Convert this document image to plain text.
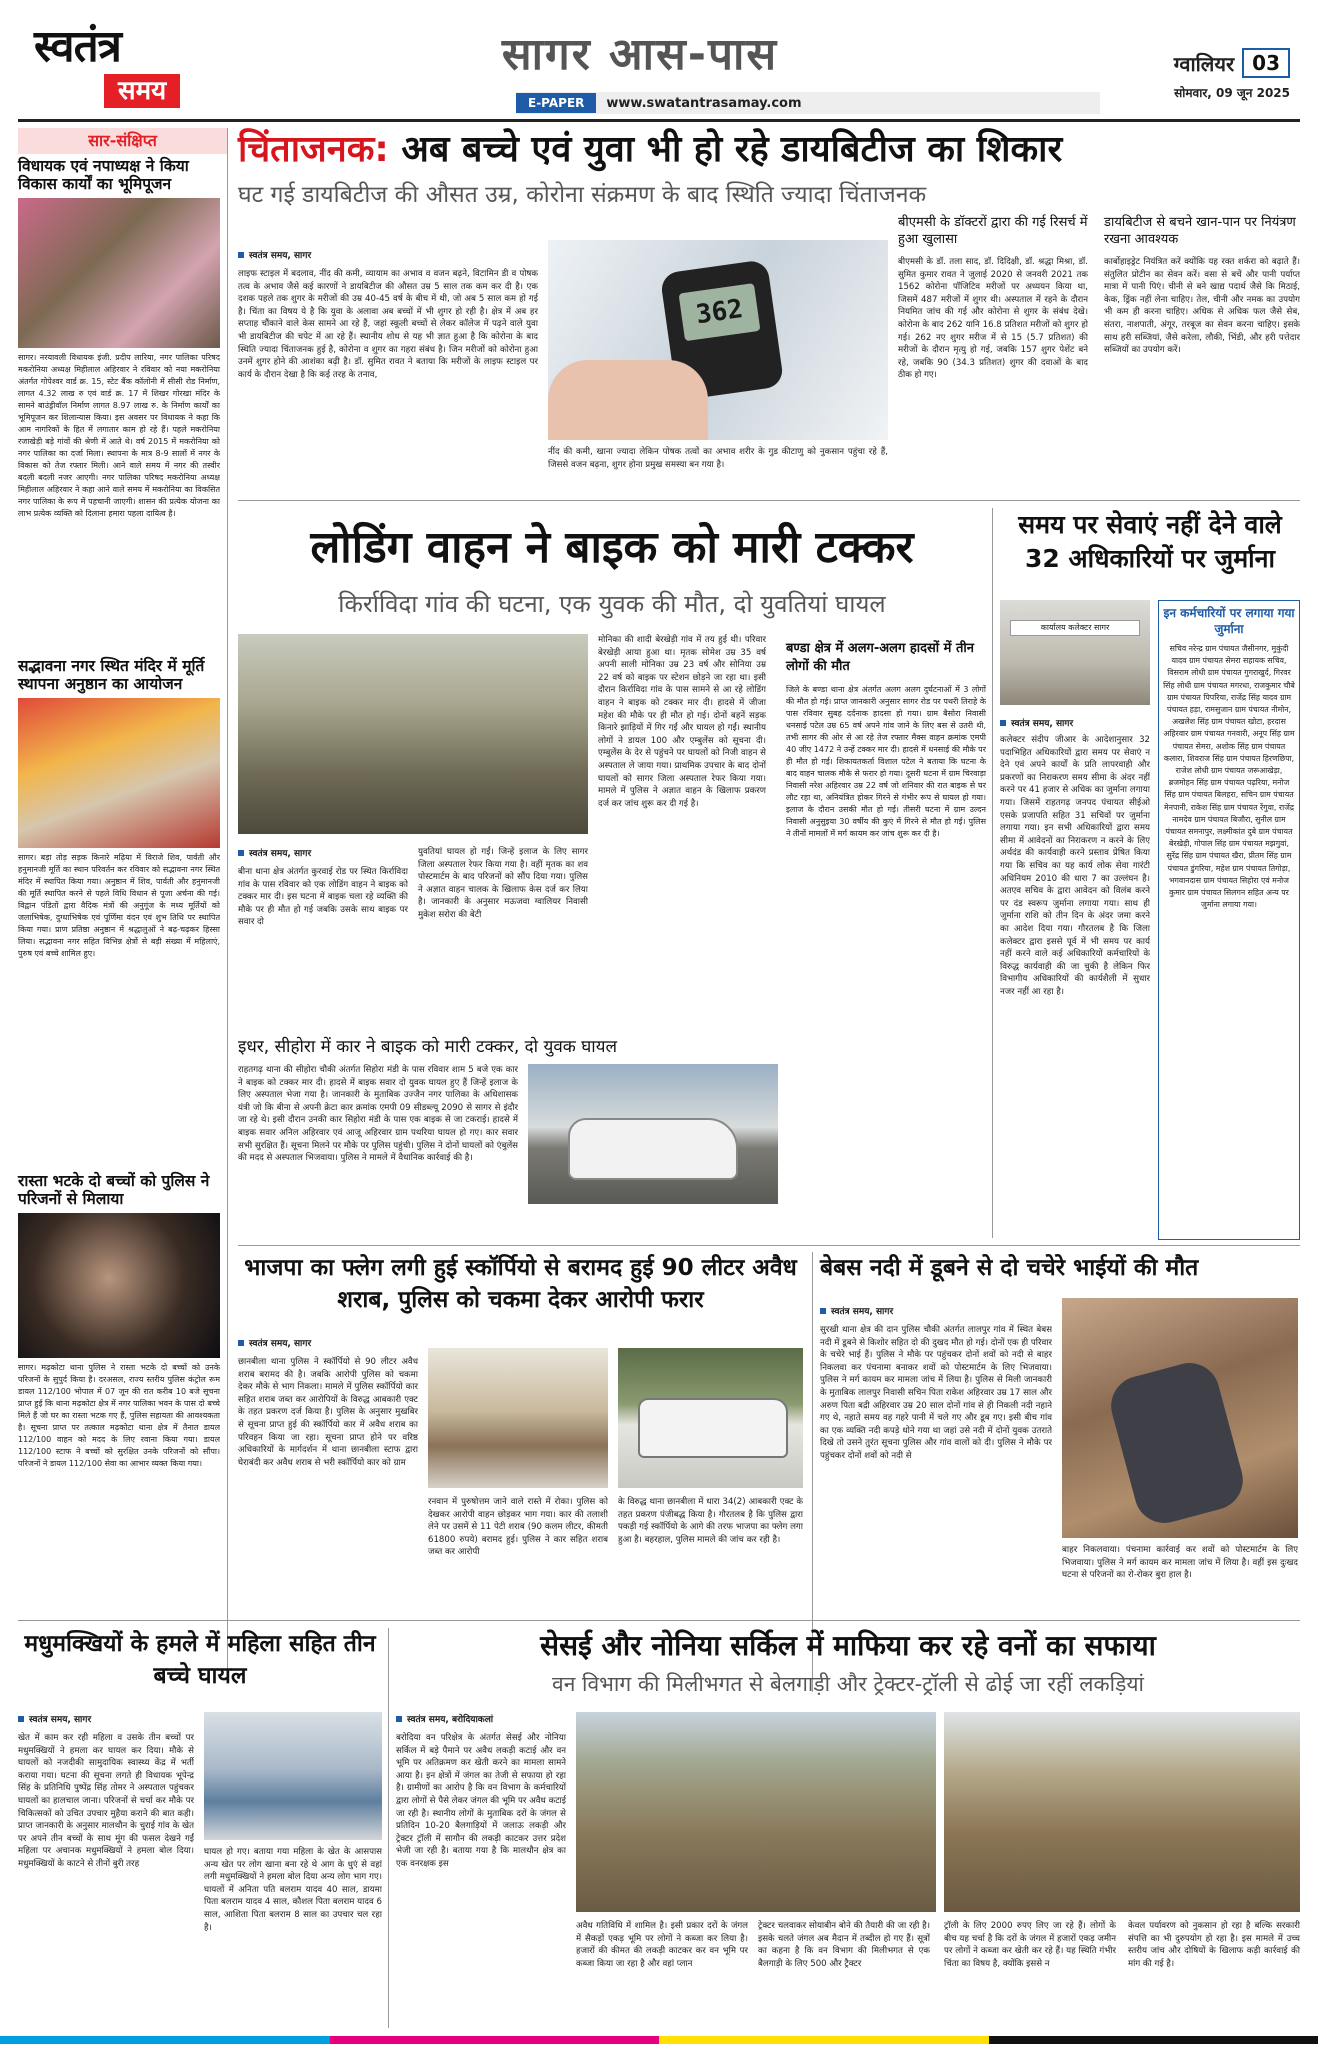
स्वतंत्र
समय
सागर आस-पास
E-PAPER	www.swatantrasamay.com
ग्वालियर 03
सोमवार, 09 जून 2025
सार-संक्षिप्त
विधायक एवं नपाध्यक्ष ने किया विकास कार्यों का भूमिपूजन
सागर। नरयावली विधायक इंजी. प्रदीप लारिया, नगर पालिका परिषद मकरोनिया अध्यक्ष मिहीलाल अहिरवार ने रविवार को नया मकरोनिया अंतर्गत गोपेश्वर वार्ड क्र. 15, स्टेट बैंक कॉलोनी में सीसी रोड निर्माण, लागत 4.32 लाख रु एवं वार्ड क्र. 17 में शिखर गोरखा मंदिर के सामने बाउंड्रीवॉल निर्माण लागत 8.97 लाख रु. के निर्माण कार्यों का भूमिपूजन कर शिलान्यास किया। इस अवसर पर विधायक ने कहा कि आम नागरिकों के हित में लगातार काम हो रहे हैं। पहले मकरोनिया रजाखेड़ी बड़े गांवों की श्रेणी में आते थे। वर्ष 2015 में मकरोनिया को नगर पालिका का दर्जा मिला। स्थापना के मात्र 8-9 सालों में नगर के विकास को तेज रफ्तार मिली। आने वाले समय में नगर की तस्वीर बदली बदली नजर आएगी। नगर पालिका परिषद मकरोनिया अध्यक्ष मिहीलाल अहिरवार ने कहा आने वाले समय में मकरोनिया का विकसित नगर पालिका के रूप में पहचानी जाएगी। शासन की प्रत्येक योजना का लाभ प्रत्येक व्यक्ति को दिलाना हमारा पहला दायित्व है।
सद्भावना नगर स्थित मंदिर में मूर्ति स्थापना अनुष्ठान का आयोजन
सागर। बड़ा तोड़ सड़क किनारे मढ़िया में विराजे शिव, पार्वती और हनुमानजी मूर्ति का स्थान परिवर्तन कर रविवार को सद्भावना नगर स्थित मंदिर में स्थापित किया गया। अनुष्ठान में शिव, पार्वती और हनुमानजी की मूर्ति स्थापित करने से पहले विधि विधान से पूजा अर्चना की गई। विद्वान पंडितों द्वारा वैदिक मंत्रों की अनुगूंज के मध्य मूर्तियों को जलाभिषेक, दुग्धाभिषेक एवं पूर्णिमा वंदन एवं शुभ तिथि पर स्थापित किया गया। प्राण प्रतिष्ठा अनुष्ठान में श्रद्धालुओं ने बढ़-चढ़कर हिस्सा लिया। सद्भावना नगर सहित विभिन्न क्षेत्रों से बड़ी संख्या में महिलाएं, पुरुष एवं बच्चे शामिल हुए।
रास्ता भटके दो बच्चों को पुलिस ने परिजनों से मिलाया
सागर। मढ़कोटा थाना पुलिस ने रास्ता भटके दो बच्चों को उनके परिजनों के सुपुर्द किया है। दरअसल, राज्य स्तरीय पुलिस कंट्रोल रूम डायल 112/100 भोपाल में 07 जून की रात करीब 10 बजे सूचना प्राप्त हुई कि थाना मढ़कोटा क्षेत्र में नगर पालिका भवन के पास दो बच्चे मिले हैं जो घर का रास्ता भटक गए हैं, पुलिस सहायता की आवश्यकता है। सूचना प्राप्त पर तत्काल मढ़कोटा थाना क्षेत्र में तैनात डायल 112/100 वाहन को मदद के लिए रवाना किया गया। डायल 112/100 स्टाफ ने बच्चों को सुरक्षित उनके परिजनों को सौंपा। परिजनों ने डायल 112/100 सेवा का आभार व्यक्त किया गया।
चिंताजनक: अब बच्चे एवं युवा भी हो रहे डायबिटीज का शिकार
घट गई डायबिटीज की औसत उम्र, कोरोना संक्रमण के बाद स्थिति ज्यादा चिंताजनक
स्वतंत्र समय, सागर
लाइफ स्टाइल में बदलाव, नींद की कमी, व्यायाम का अभाव व वजन बढ़ने, विटामिन डी व पोषक तत्व के अभाव जैसे कई कारणों ने डायबिटीज की औसत उम्र 5 साल तक कम कर दी है। एक दशक पहले तक शुगर के मरीजों की उम्र 40-45 वर्ष के बीच में थी, जो अब 5 साल कम हो गई है। चिंता का विषय ये है कि युवा के अलावा अब बच्चों में भी शुगर हो रही है। क्षेत्र में अब हर सप्ताह चौंकाने वाले केस सामने आ रहे हैं, जहां स्कूली बच्चों से लेकर कॉलेज में पढ़ने वाले युवा भी डायबिटीज की चपेट में आ रहे हैं। स्थानीय शोध से यह भी ज्ञात हुआ है कि कोरोना के बाद स्थिति ज्यादा चिंताजनक हुई है, कोरोना व शुगर का गहरा संबंध है। जिन मरीजों को कोरोना हुआ उनमें शुगर होने की आशंका बढ़ी है। डॉ. सुमित रावत ने बताया कि मरीजों के लाइफ स्टाइल पर कार्य के दौरान देखा है कि कई तरह के तनाव,
362
नींद की कमी, खाना ज्यादा लेकिन पोषक तत्वों का अभाव शरीर के गुड कीटाणु को नुकसान पहुंचा रहे हैं, जिससे वजन बढ़ना, शुगर होना प्रमुख समस्या बन गया है।
बीएमसी के डॉक्टरों द्वारा की गई रिसर्च में हुआ खुलासा
बीएमसी के डॉ. तला साद, डॉ. दिदिक्षी, डॉ. श्रद्धा मिश्रा, डॉ. सुमित कुमार रावत ने जुलाई 2020 से जनवरी 2021 तक 1562 कोरोना पॉजिटिव मरीजों पर अध्ययन किया था, जिसमें 487 मरीजों में शुगर थी। अस्पताल में रहने के दौरान नियमित जांच की गई और कोरोना से शुगर के संबंध देखे। कोरोना के बाद 262 यानि 16.8 प्रतिशत मरीजों को शुगर हो गई। 262 नए शुगर मरीज में से 15 (5.7 प्रतिशत) की मरीजों के दौरान मृत्यु हो गई, जबकि 157 शुगर पेशेंट बने रहे, जबकि 90 (34.3 प्रतिशत) शुगर की दवाओं के बाद ठीक हो गए।
डायबिटीज से बचने खान-पान पर नियंत्रण रखना आवश्यक
कार्बोहाइड्रेट नियंत्रित करें क्योंकि यह रक्त शर्करा को बढ़ाते हैं। संतुलित प्रोटीन का सेवन करें। वसा से बचें और पानी पर्याप्त मात्रा में पानी पिएं। चीनी से बने खाद्य पदार्थ जैसे कि मिठाई, केक, ड्रिंक नहीं लेना चाहिए। तेल, चीनी और नमक का उपयोग भी कम ही करना चाहिए। अधिक से अधिक फल जैसे सेब, संतरा, नाशपाती, अंगूर, तरबूज का सेवन करना चाहिए। इसके साथ हरी सब्जियां, जैसे करेला, लौकी, भिंडी, और हरी पत्तेदार सब्जियों का उपयोग करें।
लोडिंग वाहन ने बाइक को मारी टक्कर
किर्राविदा गांव की घटना, एक युवक की मौत, दो युवतियां घायल
मोनिका की शादी बेरखेड़ी गांव में तय हुई थी। परिवार बेरखेड़ी आया हुआ था। मृतक सोमेश उम्र 35 वर्ष अपनी साली मोनिका उम्र 23 वर्ष और सोनिया उम्र 22 वर्ष को बाइक पर स्टेशन छोड़ने जा रहा था। इसी दौरान किर्राविदा गांव के पास सामने से आ रहे लोडिंग वाहन ने बाइक को टक्कर मार दी। हादसे में जीजा महेश की मौके पर ही मौत हो गई। दोनों बहनें सड़क किनारे झाड़ियों में गिर गईं और घायल हो गईं। स्थानीय लोगों ने डायल 100 और एम्बुलेंस को सूचना दी। एम्बुलेंस के देर से पहुंचने पर घायलों को निजी वाहन से अस्पताल ले जाया गया। प्राथमिक उपचार के बाद दोनों घायलों को सागर जिला अस्पताल रेफर किया गया। मामले में पुलिस ने अज्ञात वाहन के खिलाफ प्रकरण दर्ज कर जांच शुरू कर दी गई है।
स्वतंत्र समय, सागर
बीना थाना क्षेत्र अंतर्गत कुरवाई रोड पर स्थित किर्राविदा गांव के पास रविवार को एक लोडिंग वाहन ने बाइक को टक्कर मार दी। इस घटना में बाइक चला रहे व्यक्ति की मौके पर ही मौत हो गई जबकि उसके साथ बाइक पर सवार दो
युवतियां घायल हो गईं। जिन्हें इलाज के लिए सागर जिला अस्पताल रेफर किया गया है। वहीं मृतक का शव पोस्टमार्टम के बाद परिजनों को सौंप दिया गया। पुलिस ने अज्ञात वाहन चालक के खिलाफ केस दर्ज कर लिया है। जानकारी के अनुसार मऊजवा ग्वालियर निवासी मुकेश सरोरा की बेटी
इधर, सीहोरा में कार ने बाइक को मारी टक्कर, दो युवक घायल
राहतगढ़ थाना की सीहोरा चौकी अंतर्गत सिहोरा मंडी के पास रविवार शाम 5 बजे एक कार ने बाइक को टक्कर मार दी। हादसे में बाइक सवार दो युवक घायल हुए हैं जिन्हें इलाज के लिए अस्पताल भेजा गया है। जानकारी के मुताबिक उज्जैन नगर पालिका के अधिशासक यंत्री जो कि बीना से अपनी क्रेटा कार क्रमांक एमपी 09 सीडब्ल्यू 2090 से सागर से इंदौर जा रहे थे। इसी दौरान उनकी कार सिहोरा मंडी के पास एक बाइक से जा टकराई। हादसे में बाइक सवार अनिल अहिरवार एवं आजू अहिरवार ग्राम पथरिया घायल हो गए। कार सवार सभी सुरक्षित हैं। सूचना मिलने पर मौके पर पुलिस पहुंची। पुलिस ने दोनों घायलों को एंबुलेंस की मदद से अस्पताल भिजवाया। पुलिस ने मामले में वैधानिक कार्रवाई की है।
बण्डा क्षेत्र में अलग-अलग हादसों में तीन लोगों की मौत
जिले के बण्डा थाना क्षेत्र अंतर्गत अलग अलग दुर्घटनाओं में 3 लोगों की मौत हो गई। प्राप्त जानकारी अनुसार सागर रोड पर पथरी तिराहे के पास रविवार सुबह दर्दनाक हादसा हो गया। ग्राम बैसोरा निवासी धनसाई पटेल उम्र 65 वर्ष अपने गांव जाने के लिए बस से उतरी थी, तभी सागर की ओर से आ रहे तेज रफ्तार मैक्स वाहन क्रमांक एमपी 40 जीए 1472 ने उन्हें टक्कर मार दी। हादसे में धनसाई की मौके पर ही मौत हो गई। शिकायतकर्ता विशाल पटेल ने बताया कि घटना के बाद वाहन चालक मौके से फरार हो गया। दूसरी घटना में ग्राम चिरवाड़ा निवासी नरेश अहिरवार उम्र 22 वर्ष जो शनिवार की रात बाइक से घर लौट रहा था, अनियंत्रित होकर गिरने से गंभीर रूप से घायल हो गया। इलाज के दौरान उसकी मौत हो गई। तीसरी घटना में ग्राम उल्दन निवासी अनुसुइया 30 वर्षीय की कुएं में गिरने से मौत हो गई। पुलिस ने तीनों मामलों में मर्ग कायम कर जांच शुरू कर दी है।
समय पर सेवाएं नहीं देने वाले 32 अधिकारियों पर जुर्माना
कार्यालय कलेक्टर सागर
इन कर्मचारियों पर लगाया गया जुर्माना
सचिव नरेन्द्र ग्राम पंचायत जैसीनगर, मुकुंदी यादव ग्राम पंचायत सेमरा सहायक सचिव, विसराम लोधी ग्राम पंचायत गुगराखुर्द, गिरवर सिंह लोधी ग्राम पंचायत मगरधा, राजकुमार चौबे ग्राम पंचायत पिपरिया, राजेंद्र सिंह यादव ग्राम पंचायत हड़ा, रामसुजान ग्राम पंचायत नीमोन, अखलेश सिंह ग्राम पंचायत खोटा, हरदास अहिरवार ग्राम पंचायत गनवारी, अनूप सिंह ग्राम पंचायत सेमरा, अशोक सिंह ग्राम पंचायत कलारा, शिवराज सिंह ग्राम पंचायत हिरणछिपा, राजेश लोधी ग्राम पंचायत जरूआखेड़ा, ब्रजमोहन सिंह ग्राम पंचायत पढ़रिया, मनोज सिंह ग्राम पंचायत बिलहरा, सचिन ग्राम पंचायत मेनपानी, राकेश सिंह ग्राम पंचायत रेंगुवा, राजेंद्र नामदेव ग्राम पंचायत बिजौरा, सुनील ग्राम पंचायत समनापुर, लक्ष्मीकांत दुबे ग्राम पंचायत बेरखेड़ी, गोपाल सिंह ग्राम पंचायत मझगुवां, सुरेंद्र सिंह ग्राम पंचायत खैरा, प्रीतम सिंह ग्राम पंचायत डुंगरिया, महेश ग्राम पंचायत तिगोड़ा, भगवानदास ग्राम पंचायत सिहोरा एवं मनोज कुमार ग्राम पंचायत सिलगन सहित अन्य पर जुर्माना लगाया गया।
स्वतंत्र समय, सागर
कलेक्टर संदीप जीआर के आदेशानुसार 32 पदाभिहित अधिकारियों द्वारा समय पर सेवाएं न देने एवं अपने कार्यों के प्रति लापरवाही और प्रकरणों का निराकरण समय सीमा के अंदर नहीं करने पर 41 हजार से अधिक का जुर्माना लगाया गया। जिसमें राहतगढ़ जनपद पंचायत सीईओ एसके प्रजापति सहित 31 सचिवों पर जुर्माना लगाया गया। इन सभी अधिकारियों द्वारा समय सीमा में आवेदनों का निराकरण न करने के लिए अर्थदंड की कार्यवाही करने प्रस्ताव प्रेषित किया गया कि सचिव का यह कार्य लोक सेवा गारंटी अधिनियम 2010 की धारा 7 का उल्लंघन है। अतएव सचिव के द्वारा आवेदन को विलंब करने पर दंड स्वरूप जुर्माना लगाया गया। साथ ही जुर्माना राशि को तीन दिन के अंदर जमा करने का आदेश दिया गया। गौरतलब है कि जिला कलेक्टर द्वारा इससे पूर्व में भी समय पर कार्य नहीं करने वाले कई अधिकारियों कर्मचारियों के विरुद्ध कार्यवाही की जा चुकी है लेकिन फिर विभागीय अधिकारियों की कार्यशैली में सुधार नजर नहीं आ रहा है।
भाजपा का फ्लेग लगी हुई स्कॉर्पियो से बरामद हुई 90 लीटर अवैध शराब, पुलिस को चकमा देकर आरोपी फरार
स्वतंत्र समय, सागर
छानबीला थाना पुलिस ने स्कॉर्पियो से 90 लीटर अवैध शराब बरामद की है। जबकि आरोपी पुलिस को चकमा देकर मौके से भाग निकला। मामले में पुलिस स्कॉर्पियो कार सहित शराब जब्त कर आरोपियों के विरुद्ध आबकारी एक्ट के तहत प्रकरण दर्ज किया है। पुलिस के अनुसार मुखबिर से सूचना प्राप्त हुई की स्कॉर्पियो कार में अवैध शराब का परिवहन किया जा रहा। सूचना प्राप्त होने पर वरिष्ठ अधिकारियों के मार्गदर्शन में थाना छानबीला स्टाफ द्वारा घेराबंदी कर अवैध शराब से भरी स्कॉर्पियो कार को ग्राम
रनवान में पुरुषोत्तम जाने वाले रास्ते में रोका। पुलिस को देखकर आरोपी वाहन छोड़कर भाग गया। कार की तलाशी लेने पर उसमें से 11 पेटी शराब (90 कलम लीटर, कीमती 61800 रुपये) बरामद हुई। पुलिस ने कार सहित शराब जब्त कर आरोपी
के विरुद्ध थाना छानबीला में धारा 34(2) आबकारी एक्ट के तहत प्रकरण पंजीबद्ध किया है। गौरतलब है कि पुलिस द्वारा पकड़ी गई स्कॉर्पियो के आगे की तरफ भाजपा का फ्लेग लगा हुआ है। बहरहाल, पुलिस मामले की जांच कर रही है।
बेबस नदी में डूबने से दो चचेरे भाईयों की मौत
स्वतंत्र समय, सागर
सुरखी थाना क्षेत्र की दान पुलिस चौकी अंतर्गत लालपुर गांव में स्थित बेबस नदी में डूबने से किशोर सहित दो की दुखद मौत हो गई। दोनों एक ही परिवार के चचेरे भाई हैं। पुलिस ने मौके पर पहुंचकर दोनों शवों को नदी से बाहर निकलवा कर पंचनामा बनाकर शवों को पोस्टमार्टम के लिए भिजवाया। पुलिस ने मर्ग कायम कर मामला जांच में लिया है। पुलिस से मिली जानकारी के मुताबिक लालपुर निवासी सचिन पिता राकेश अहिरवार उम्र 17 साल और अरुण पिता बद्री अहिरवार उम्र 20 साल दोनों गांव से ही निकली नदी नहाने गए थे, नहाते समय वह गहरे पानी में चले गए और डूब गए। इसी बीच गांव का एक व्यक्ति नदी कपड़े धोने गया था जहां उसे नदी में दोनों युवक उतराते दिखे तो उसने तुरंत सूचना पुलिस और गांव वालों को दी। पुलिस ने मौके पर पहुंचकर दोनों शवों को नदी से
बाहर निकलवाया। पंचनामा कार्रवाई कर शवों को पोस्टमार्टम के लिए भिजवाया। पुलिस ने मर्ग कायम कर मामला जांच में लिया है। वहीं इस दुःखद घटना से परिजनों का रो-रोकर बुरा हाल है।
मधुमक्खियों के हमले में महिला सहित तीन बच्चे घायल
स्वतंत्र समय, सागर
खेत में काम कर रही महिला व उसके तीन बच्चों पर मधुमक्खियों ने हमला कर घायल कर दिया। मौके से घायलों को नजदीकी सामुदायिक स्वास्थ्य केंद्र में भर्ती कराया गया। घटना की सूचना लगते ही विधायक भूपेन्द्र सिंह के प्रतिनिधि पुष्पेंद्र सिंह तोमर ने अस्पताल पहुंचकर घायलों का हालचाल जाना। परिजनों से चर्चा कर मौके पर चिकित्सकों को उचित उपचार मुहैया कराने की बात कही। प्राप्त जानकारी के अनुसार मालथौन के चुराई गांव के खेत पर अपने तीन बच्चों के साथ मूंग की फसल देखने गईं महिला पर अचानक मधुमक्खियों ने हमला बोल दिया। मधुमक्खियों के काटने से तीनों बुरी तरह
घायल हो गए। बताया गया महिला के खेत के आसपास अन्य खेत पर लोग खाना बना रहे थे आग के धुएं से वहां लगी मधुमक्खियों ने हमला बोल दिया अन्य लोग भाग गए। घायलों में अनिता पति बलराम यादव 40 साल, डायमा पिता बलराम यादव 4 साल, कौशल पिता बलराम यादव 6 साल, आशिता पिता बलराम 8 साल का उपचार चल रहा है।
सेसई और नोनिया सर्किल में माफिया कर रहे वनों का सफाया
वन विभाग की मिलीभगत से बेलगाड़ी और ट्रेक्टर-ट्रॉली से ढोई जा रहीं लकड़ियां
स्वतंत्र समय, बरोदियाकलां
बरोदिया वन परिक्षेत्र के अंतर्गत सेसई और नोनिया सर्किल में बड़े पैमाने पर अवैध लकड़ी कटाई और वन भूमि पर अतिक्रमण कर खेती करने का मामला सामने आया है। इन क्षेत्रों में जंगल का तेजी से सफाया हो रहा है। ग्रामीणों का आरोप है कि वन विभाग के कर्मचारियों द्वारा लोगों से पैसे लेकर जंगल की भूमि पर अवैध कटाई जा रही है। स्थानीय लोगों के मुताबिक दरों के जंगल से प्रतिदिन 10-20 बैलगाड़ियों में जलाऊ लकड़ी और ट्रेक्टर ट्रॉली में सागौन की लकड़ी काटकर उत्तर प्रदेश भेजी जा रही है। बताया गया है कि मालथौन क्षेत्र का एक वनरक्षक इस
अवैध गतिविधि में शामिल है। इसी प्रकार दरों के जंगल में सैकड़ों एकड़ भूमि पर लोगों ने कब्जा कर लिया है। हजारों की कीमत की लकड़ी काटकर कर वन भूमि पर कब्जा किया जा रहा है और वहां प्लान
ट्रेक्टर चलवाकर सोयाबीन बोने की तैयारी की जा रही है। इसके चलते जंगल अब मैदान में तब्दील हो गए हैं। सूत्रों का कहना है कि वन विभाग की मिलीभगत से एक बैलगाड़ी के लिए 500 और ट्रैक्टर
ट्रॉली के लिए 2000 रुपए लिए जा रहे हैं। लोगों के बीच यह चर्चा है कि दरों के जंगल में हजारों एकड़ जमीन पर लोगों ने कब्जा कर खेती कर रहे हैं। यह स्थिति गंभीर चिंता का विषय है, क्योंकि इससे न
केवल पर्यावरण को नुकसान हो रहा है बल्कि सरकारी संपत्ति का भी दुरुपयोग हो रहा है। इस मामले में उच्च स्तरीय जांच और दोषियों के खिलाफ कड़ी कार्रवाई की मांग की गई है।
